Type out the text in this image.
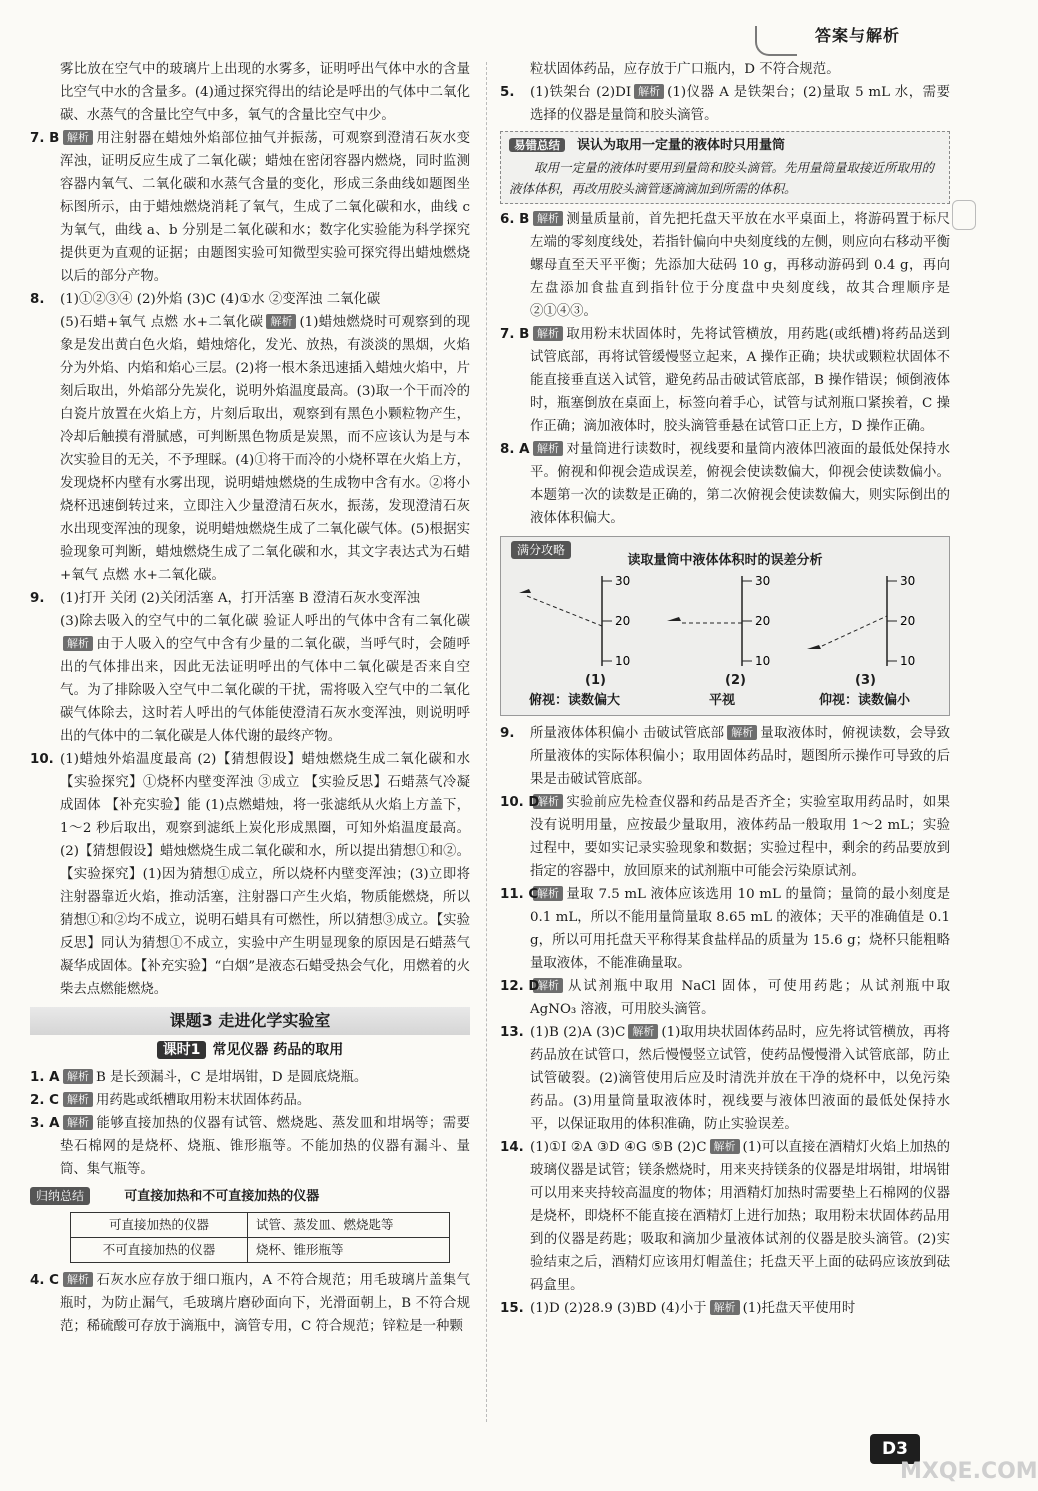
答案与解析

雾比放在空气中的玻璃片上出现的水雾多，证明呼出气体中水的含量比空气中水的含量多。(4)通过探究得出的结论是呼出的气体中二氧化碳、水蒸气的含量比空气中多，氧气的含量比空气中少。

7. B 解析 用注射器在蜡烛外焰部位抽气并振荡，可观察到澄清石灰水变浑浊，证明反应生成了二氧化碳；蜡烛在密闭容器内燃烧，同时监测容器内氧气、二氧化碳和水蒸气含量的变化，形成三条曲线如题图坐标图所示，由于蜡烛燃烧消耗了氧气，生成了二氧化碳和水，曲线 c 为氧气，曲线 a、b 分别是二氧化碳和水；数字化实验能为科学探究提供更为直观的证据；由题图实验可知微型实验可探究得出蜡烛燃烧以后的部分产物。

8. (1)①②③④ (2)外焰 (3)C (4)①水 ②变浑浊 二氧化碳

(5)石蜡+氧气 点燃 水+二氧化碳 解析 (1)蜡烛燃烧时可观察到的现象是发出黄白色火焰，蜡烛熔化，发光、放热，有淡淡的黑烟，火焰分为外焰、内焰和焰心三层。(2)将一根木条迅速插入蜡烛火焰中，片刻后取出，外焰部分先炭化，说明外焰温度最高。(3)取一个干而冷的白瓷片放置在火焰上方，片刻后取出，观察到有黑色小颗粒物产生，冷却后触摸有滑腻感，可判断黑色物质是炭黑，而不应该认为是与本次实验目的无关，不予理睬。(4)①将干而冷的小烧杯罩在火焰上方，发现烧杯内壁有水雾出现，说明蜡烛燃烧的生成物中含有水。②将小烧杯迅速倒转过来，立即注入少量澄清石灰水，振荡，发现澄清石灰水出现变浑浊的现象，说明蜡烛燃烧生成了二氧化碳气体。(5)根据实验现象可判断，蜡烛燃烧生成了二氧化碳和水，其文字表达式为石蜡+氧气 点燃 水+二氧化碳。

9. (1)打开 关闭 (2)关闭活塞 A，打开活塞 B 澄清石灰水变浑浊

(3)除去吸入的空气中的二氧化碳 验证人呼出的气体中含有二氧化碳解析 由于人吸入的空气中含有少量的二氧化碳，当呼气时，会随呼出的气体排出来，因此无法证明呼出的气体中二氧化碳是否来自空气。为了排除吸入空气中二氧化碳的干扰，需将吸入空气中的二氧化碳气体除去，这时若人呼出的气体能使澄清石灰水变浑浊，则说明呼出的气体中的二氧化碳是人体代谢的最终产物。

10. (1)蜡烛外焰温度最高 (2)【猜想假设】蜡烛燃烧生成二氧化碳和水 【实验探究】①烧杯内壁变浑浊 ③成立 【实验反思】石蜡蒸气冷凝成固体 【补充实验】能 (1)点燃蜡烛，将一张滤纸从火焰上方盖下，1～2 秒后取出，观察到滤纸上炭化形成黑圈，可知外焰温度最高。(2)【猜想假设】蜡烛燃烧生成二氧化碳和水，所以提出猜想①和②。【实验探究】(1)因为猜想①成立，所以烧杯内壁变浑浊；(3)立即将注射器靠近火焰，推动活塞，注射器口产生火焰，物质能燃烧，所以猜想①和②均不成立，说明石蜡具有可燃性，所以猜想③成立。【实验反思】同认为猜想①不成立，实验中产生明显现象的原因是石蜡蒸气凝华成固体。【补充实验】“白烟”是液态石蜡受热会气化，用燃着的火柴去点燃能燃烧。

课题3 走进化学实验室
课时1 常见仪器 药品的取用
1. A 解析 B 是长颈漏斗，C 是坩埚钳，D 是圆底烧瓶。

2. C 解析 用药匙或纸槽取用粉末状固体药品。

3. A 解析 能够直接加热的仪器有试管、燃烧匙、蒸发皿和坩埚等；需要垫石棉网的是烧杯、烧瓶、锥形瓶等。不能加热的仪器有漏斗、量筒、集气瓶等。

归纳总结	可直接加热和不可直接加热的仪器
可直接加热的仪器	试管、蒸发皿、燃烧匙等
不可直接加热的仪器	烧杯、锥形瓶等
4. C 解析 石灰水应存放于细口瓶内，A 不符合规范；用毛玻璃片盖集气瓶时，为防止漏气，毛玻璃片磨砂面向下，光滑面朝上，B 不符合规范；稀硫酸可存放于滴瓶中，滴管专用，C 符合规范；锌粒是一种颗

粒状固体药品，应存放于广口瓶内，D 不符合规范。

5. (1)铁架台 (2)DI 解析 (1)仪器 A 是铁架台；(2)量取 5 mL 水，需要选择的仪器是量筒和胶头滴管。

易错总结 误认为取用一定量的液体时只用量筒
取用一定量的液体时要用到量筒和胶头滴管。先用量筒量取接近所取用的液体体积，再改用胶头滴管逐滴滴加到所需的体积。
6. B 解析 测量质量前，首先把托盘天平放在水平桌面上，将游码置于标尺左端的零刻度线处，若指针偏向中央刻度线的左侧，则应向右移动平衡螺母直至天平平衡；先添加大砝码 10 g，再移动游码到 0.4 g，再向左盘添加食盐直到指针位于分度盘中央刻度线，故其合理顺序是②①④③。

7. B 解析 取用粉末状固体时，先将试管横放，用药匙(或纸槽)将药品送到试管底部，再将试管缓慢竖立起来，A 操作正确；块状或颗粒状固体不能直接垂直送入试管，避免药品击破试管底部，B 操作错误；倾倒液体时，瓶塞倒放在桌面上，标签向着手心，试管与试剂瓶口紧挨着，C 操作正确；滴加液体时，胶头滴管垂悬在试管口正上方，D 操作正确。

8. A 解析 对量筒进行读数时，视线要和量筒内液体凹液面的最低处保持水平。俯视和仰视会造成误差，俯视会使读数偏大，仰视会使读数偏小。本题第一次的读数是正确的，第二次俯视会使读数偏大，则实际倒出的液体体积偏大。

满分攻略
读取量筒中液体体积时的误差分析
30
20
10
30
20
10
30
20
10
(1)	(2)	(3)
俯视：读数偏大	平视	仰视：读数偏小
9. 所量液体体积偏小 击破试管底部 解析 量取液体时，俯视读数，会导致所量液体的实际体积偏小；取用固体药品时，题图所示操作可导致的后果是击破试管底部。

10. D

解析 实验前应先检查仪器和药品是否齐全；实验室取用药品时，如果没有说明用量，应按最少量取用，液体药品一般取用 1～2 mL；实验过程中，要如实记录实验现象和数据；实验过程中，剩余的药品要放到指定的容器中，放回原来的试剂瓶中可能会污染原试剂。

11. C

解析 量取 7.5 mL 液体应该选用 10 mL 的量筒；量筒的最小刻度是 0.1 mL，所以不能用量筒量取 8.65 mL 的液体；天平的准确值是 0.1 g，所以可用托盘天平称得某食盐样品的质量为 15.6 g；烧杯只能粗略量取液体，不能准确量取。

12. D

解析 从试剂瓶中取用 NaCl 固体，可使用药匙；从试剂瓶中取 AgNO₃ 溶液，可用胶头滴管。

13. (1)B (2)A (3)C 解析 (1)取用块状固体药品时，应先将试管横放，再将药品放在试管口，然后慢慢竖立试管，使药品慢慢滑入试管底部，防止试管破裂。(2)滴管使用后应及时清洗并放在干净的烧杯中，以免污染药品。(3)用量筒量取液体时，视线要与液体凹液面的最低处保持水平，以保证取用的体积准确，防止实验误差。

14. (1)①I ②A ③D ④G ⑤B (2)C 解析 (1)可以直接在酒精灯火焰上加热的玻璃仪器是试管；镁条燃烧时，用来夹持镁条的仪器是坩埚钳，坩埚钳可以用来夹持较高温度的物体；用酒精灯加热时需要垫上石棉网的仪器是烧杯，即烧杯不能直接在酒精灯上进行加热；取用粉末状固体药品用到的仪器是药匙；吸取和滴加少量液体试剂的仪器是胶头滴管。(2)实验结束之后，酒精灯应该用灯帽盖住；托盘天平上面的砝码应该放到砝码盒里。

15. (1)D (2)28.9 (3)BD (4)小于 解析 (1)托盘天平使用时

D3
MXQE.COM
